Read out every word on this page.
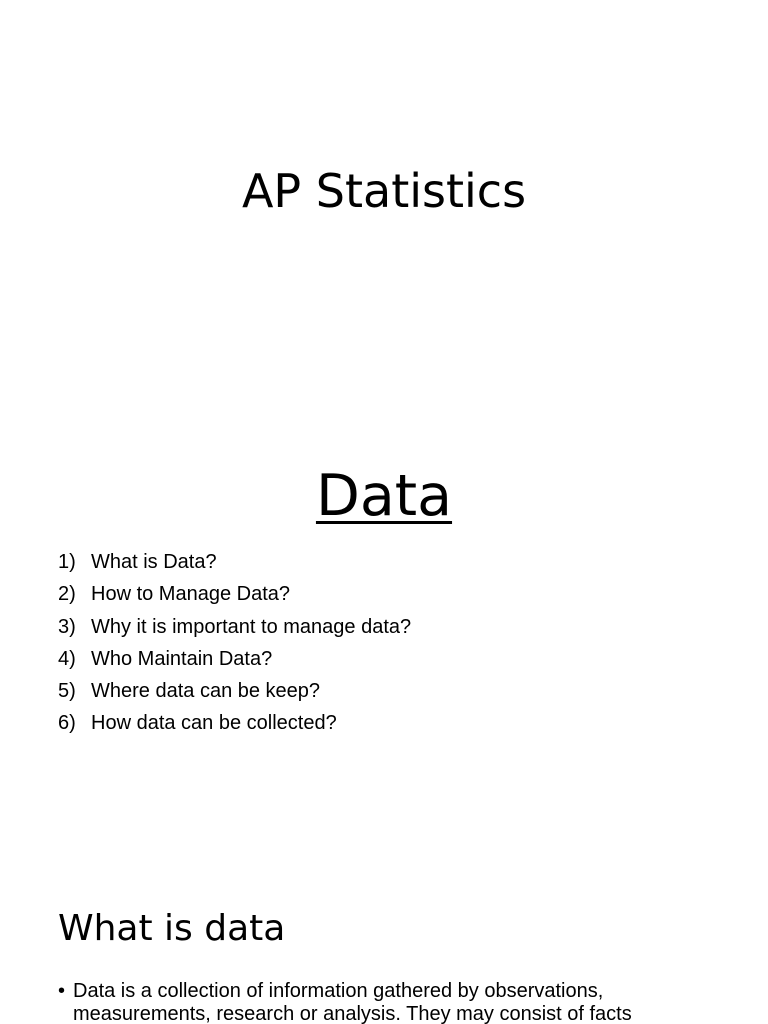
AP Statistics
Data
1) What is Data?
2) How to Manage Data?
3) Why it is important to manage data?
4) Who Maintain Data?
5) Where data can be keep?
6) How data can be collected?
What is data
• Data is a collection of information gathered by observations, measurements, research or analysis. They may consist of facts
